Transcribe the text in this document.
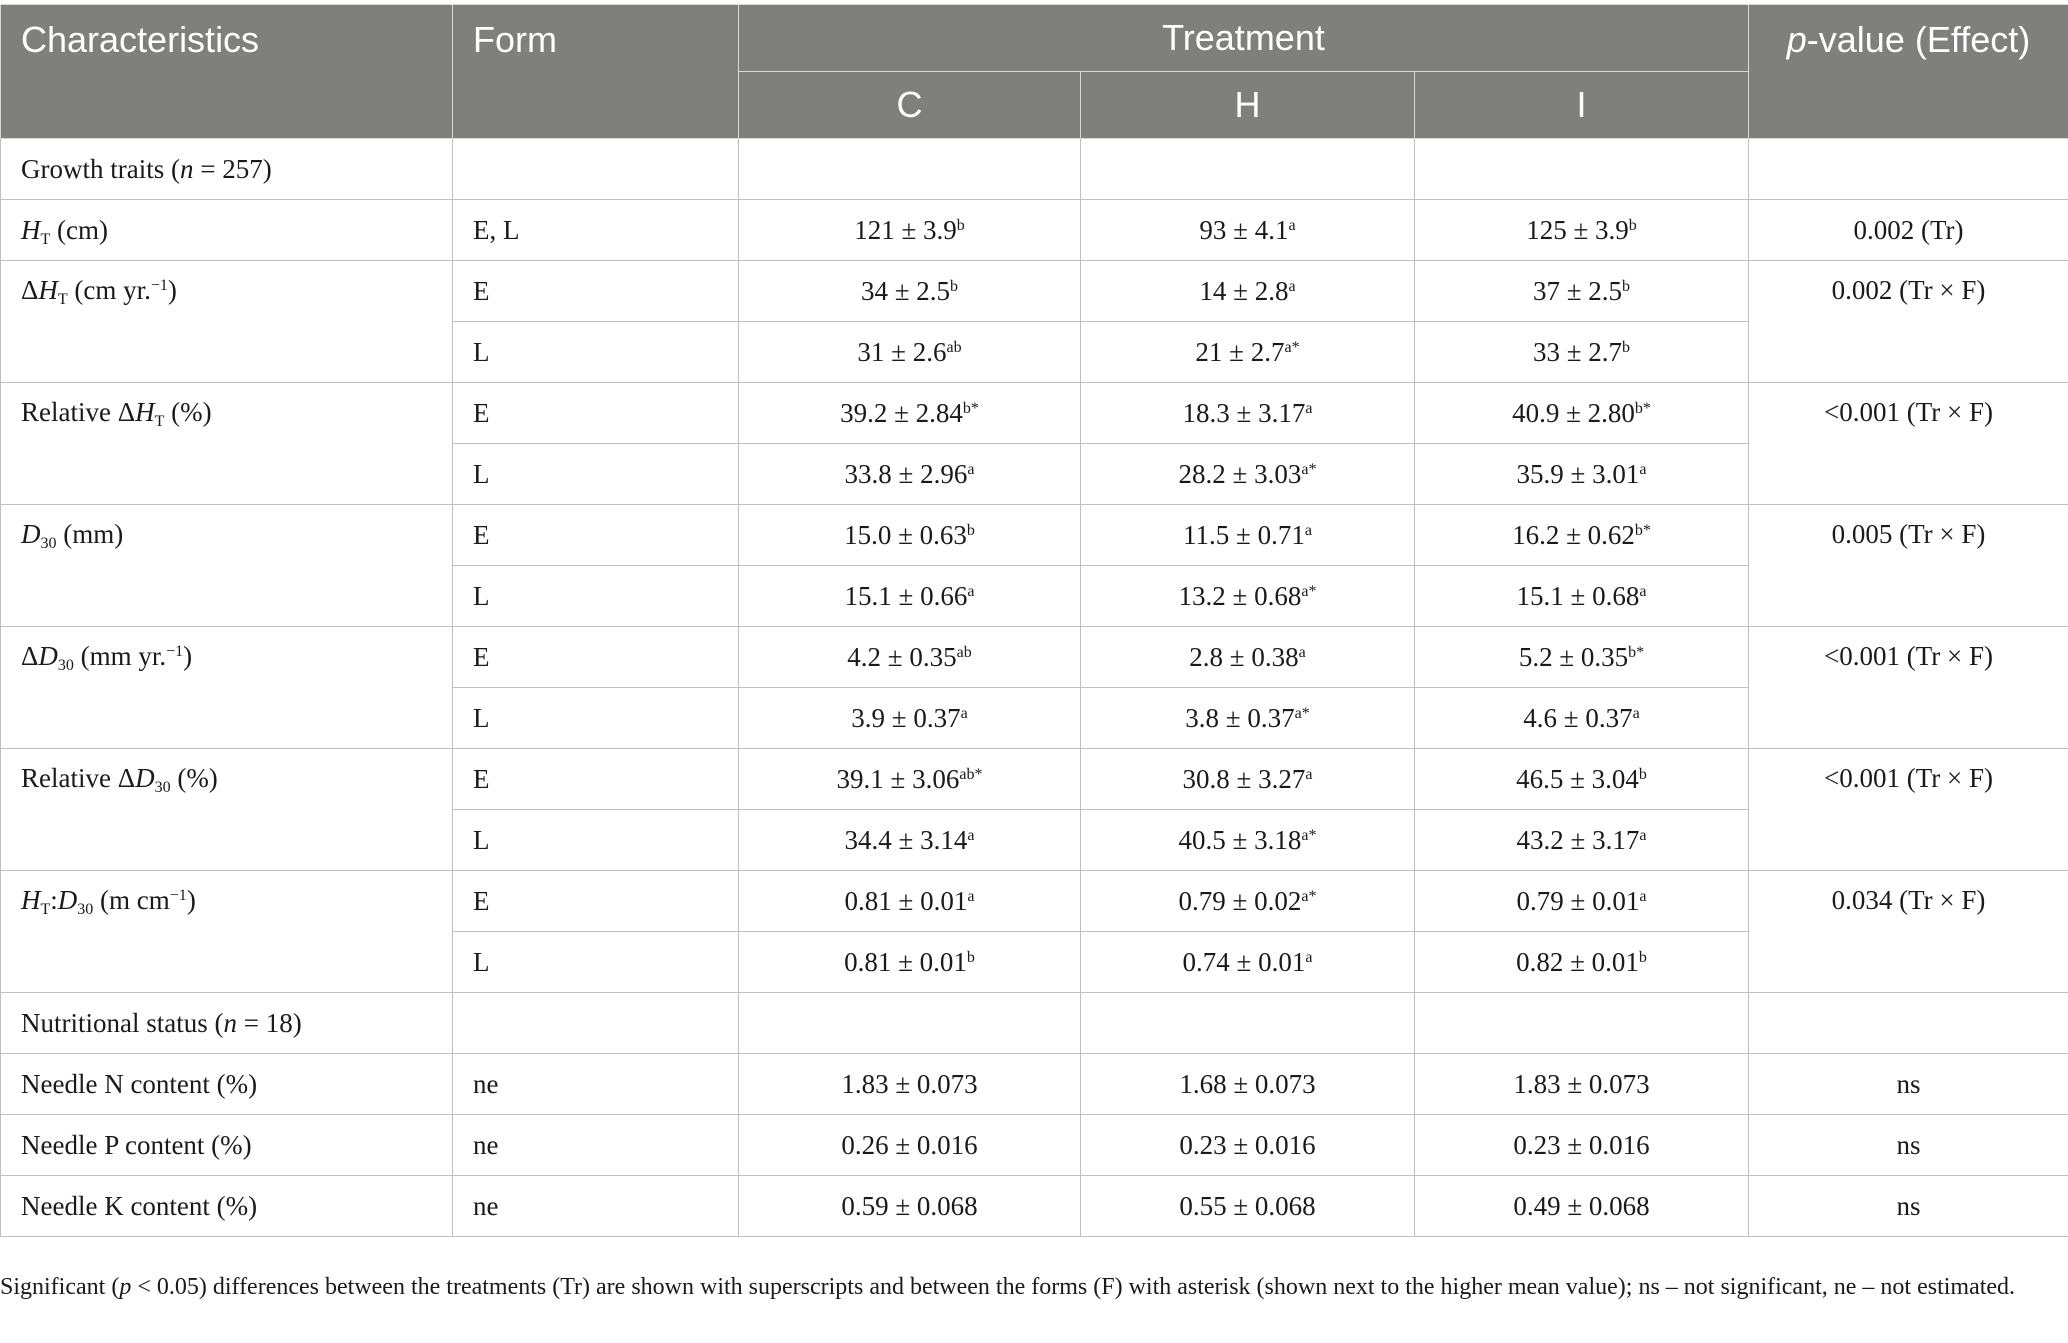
Characteristics	Form	Treatment			p-value (Effect)
		C	H	I	
Growth traits (n = 257)					
$H_T$ (cm)	E, L	121 ± 3.9$^b$	93 ± 4.1$^a$	125 ± 3.9$^b$	0.002 (Tr)
$\Delta H_T$ (cm yr.$^{-1}$)	E	34 ± 2.5$^b$	14 ± 2.8$^a$	37 ± 2.5$^b$	0.002 (Tr × F)
	L	31 ± 2.6$^{ab}$	$21 \pm 2.7^{a*}$	33 ± 2.7$^b$
Relative $\Delta H_T$ (%)	E	$39.2 \pm 2.84^{b*}$	18.3 ± 3.17$^a$	$40.9 \pm 2.80^{b*}$	<0.001 (Tr × F)
	L	33.8 ± 2.96$^a$	$28.2 \pm 3.03^{a*}$	35.9 ± 3.01$^a$
$D_{30}$ (mm)	E	15.0 ± 0.63$^b$	11.5 ± 0.71$^a$	$16.2 \pm 0.62^{b*}$	0.005 (Tr × F)
	L	15.1 ± 0.66$^a$	$13.2 \pm 0.68^{a*}$	15.1 ± 0.68$^a$
$\Delta D_{30}$ (mm yr.$^{-1}$)	E	4.2 ± 0.35$^{ab}$	2.8 ± 0.38$^a$	$5.2 \pm 0.35^{b*}$	<0.001 (Tr × F)
	L	3.9 ± 0.37$^a$	$3.8 \pm 0.37^{a*}$	4.6 ± 0.37$^a$
Relative $\Delta D_{30}$ (%)	E	$39.1 \pm 3.06^{ab*}$	30.8 ± 3.27$^a$	46.5 ± 3.04$^b$	<0.001 (Tr × F)
	L	34.4 ± 3.14$^a$	$40.5 \pm 3.18^{a*}$	43.2 ± 3.17$^a$
$H_T:D_{30}$ (m $cm^{-1}$)	E	0.81 ± 0.01$^a$	$0.79 \pm 0.02^{a*}$	0.79 ± 0.01$^a$	0.034 (Tr × F)
	L	0.81 ± 0.01$^b$	0.74 ± 0.01$^a$	0.82 ± 0.01$^b$
Nutritional status (n = 18)					
Needle N content (%)	ne	1.83 ± 0.073	1.68 ± 0.073	1.83 ± 0.073	ns
Needle P content (%)	ne	0.26 ± 0.016	0.23 ± 0.016	0.23 ± 0.016	ns
Needle K content (%)	ne	0.59 ± 0.068	0.55 ± 0.068	0.49 ± 0.068	ns
Significant (p < 0.05) differences between the treatments (Tr) are shown with superscripts and between the forms (F) with asterisk (shown next to the higher mean value); ns – not significant, ne – not estimated.
